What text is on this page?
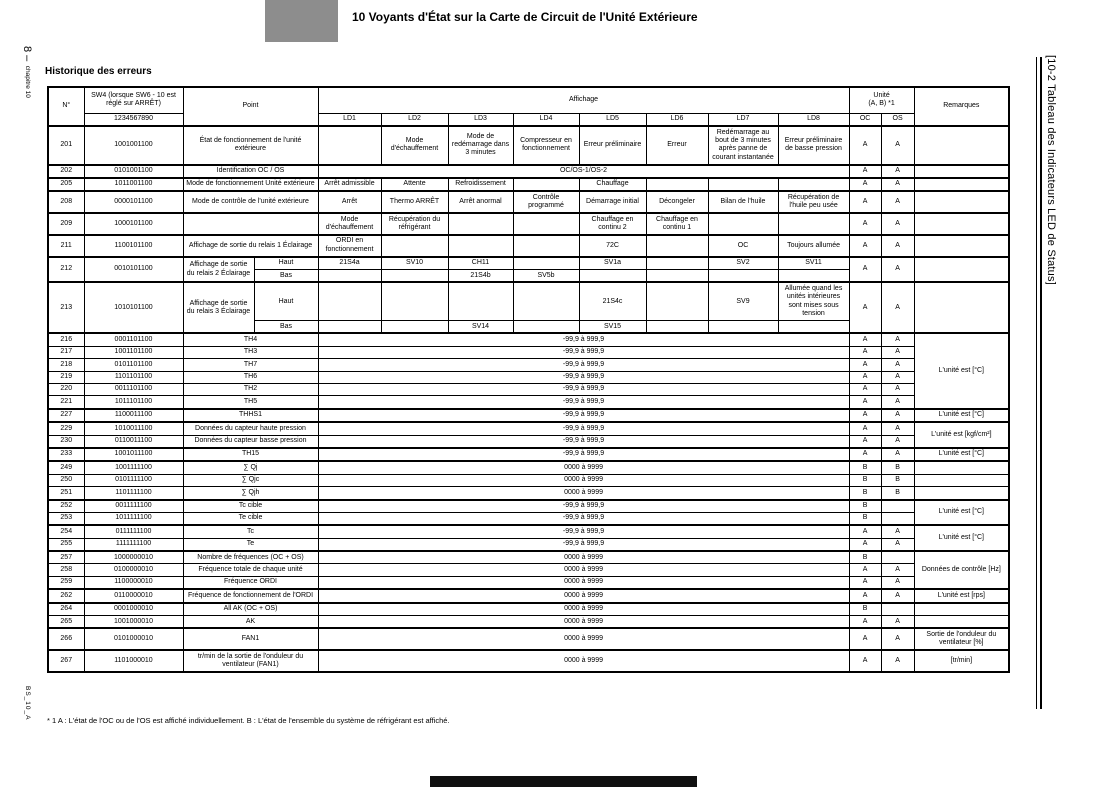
10 Voyants d'État sur la Carte de Circuit de l'Unité Extérieure
Historique des erreurs
8 – chapitre 10
BS_10_A
[10-2 Tableau des Indicateurs LED de Status]
N°	SW4 (lorsque SW6 - 10 est réglé sur ARRÊT)	Point		Affichage								Unité
(A, B) *1		Remarques
	1234567890			LD1	LD2	LD3	LD4	LD5	LD6	LD7	LD8	OC	OS	
201	1001001100	État de fonctionnement de l'unité extérieure			Mode d'échauffement	Mode de redémarrage dans 3 minutes	Compresseur en fonctionnement	Erreur préliminaire	Erreur	Redémarrage au bout de 3 minutes après panne de courant instantanée	Erreur préliminaire de basse pression	A	A	
202	0101001100	Identification OC / OS		OC/OS-1/OS-2								A	A	
205	1011001100	Mode de fonctionnement Unité extérieure		Arrêt admissible	Attente	Refroidissement		Chauffage				A	A	
208	0000101100	Mode de contrôle de l'unité extérieure		Arrêt	Thermo ARRÊT	Arrêt anormal	Contrôle programmé	Démarrage initial	Décongeler	Bilan de l'huile	Récupération de l'huile peu usée	A	A	
209	1000101100			Mode d'échauffement	Récupération du réfrigérant			Chauffage en continu 2	Chauffage en continu 1			A	A	
211	1100101100	Affichage de sortie du relais 1 Éclairage		ORDI en fonctionnement				72C		OC	Toujours allumée	A	A	
212	0010101100	Affichage de sortie du relais 2 Éclairage	Haut	21S4a	SV10	CH11		SV1a		SV2	SV11	A	A	
			Bas			21S4b	SV5b							
213	1010101100	Affichage de sortie du relais 3 Éclairage	Haut					21S4c		SV9	Allumée quand les unités intérieures sont mises sous tension	A	A	
			Bas			SV14		SV15						
216	0001101100	TH4		-99,9 à 999,9								A	A	L'unité est [°C]
217	1001101100	TH3		-99,9 à 999,9								A	A	
218	0101101100	TH7		-99,9 à 999,9								A	A	
219	1101101100	TH6		-99,9 à 999,9								A	A	
220	0011101100	TH2		-99,9 à 999,9								A	A	
221	1011101100	TH5		-99,9 à 999,9								A	A	
227	1100011100	THHS1		-99,9 à 999,9								A	A	L'unité est [°C]
229	1010011100	Données du capteur haute pression		-99,9 à 999,9								A	A	L'unité est [kgf/cm²]
230	0110011100	Données du capteur basse pression		-99,9 à 999,9								A	A	
233	1001011100	TH15		-99,9 à 999,9								A	A	L'unité est [°C]
249	1001111100	∑ Qj		0000 à 9999								B	B	
250	0101111100	∑ Qjc		0000 à 9999								B	B	
251	1101111100	∑ Qjh		0000 à 9999								B	B	
252	0011111100	Tc cible		-99,9 à 999,9								B		L'unité est [°C]
253	1011111100	Te cible		-99,9 à 999,9								B		
254	0111111100	Tc		-99,9 à 999,9								A	A	L'unité est [°C]
255	1111111100	Te		-99,9 à 999,9								A	A	
257	1000000010	Nombre de fréquences (OC + OS)		0000 à 9999								B		Données de contrôle [Hz]
258	0100000010	Fréquence totale de chaque unité		0000 à 9999								A	A	
259	1100000010	Fréquence ORDI		0000 à 9999								A	A	
262	0110000010	Fréquence de fonctionnement de l'ORDI		0000 à 9999								A	A	L'unité est [rps]
264	0001000010	All AK (OC + OS)		0000 à 9999								B		
265	1001000010	AK		0000 à 9999								A	A	
266	0101000010	FAN1		0000 à 9999								A	A	Sortie de l'onduleur du ventilateur [%]
267	1101000010	tr/min de la sortie de l'onduleur du ventilateur (FAN1)		0000 à 9999								A	A	[tr/min]
* 1 A : L'état de l'OC ou de l'OS est affiché individuellement. B : L'état de l'ensemble du système de réfrigérant est affiché.
